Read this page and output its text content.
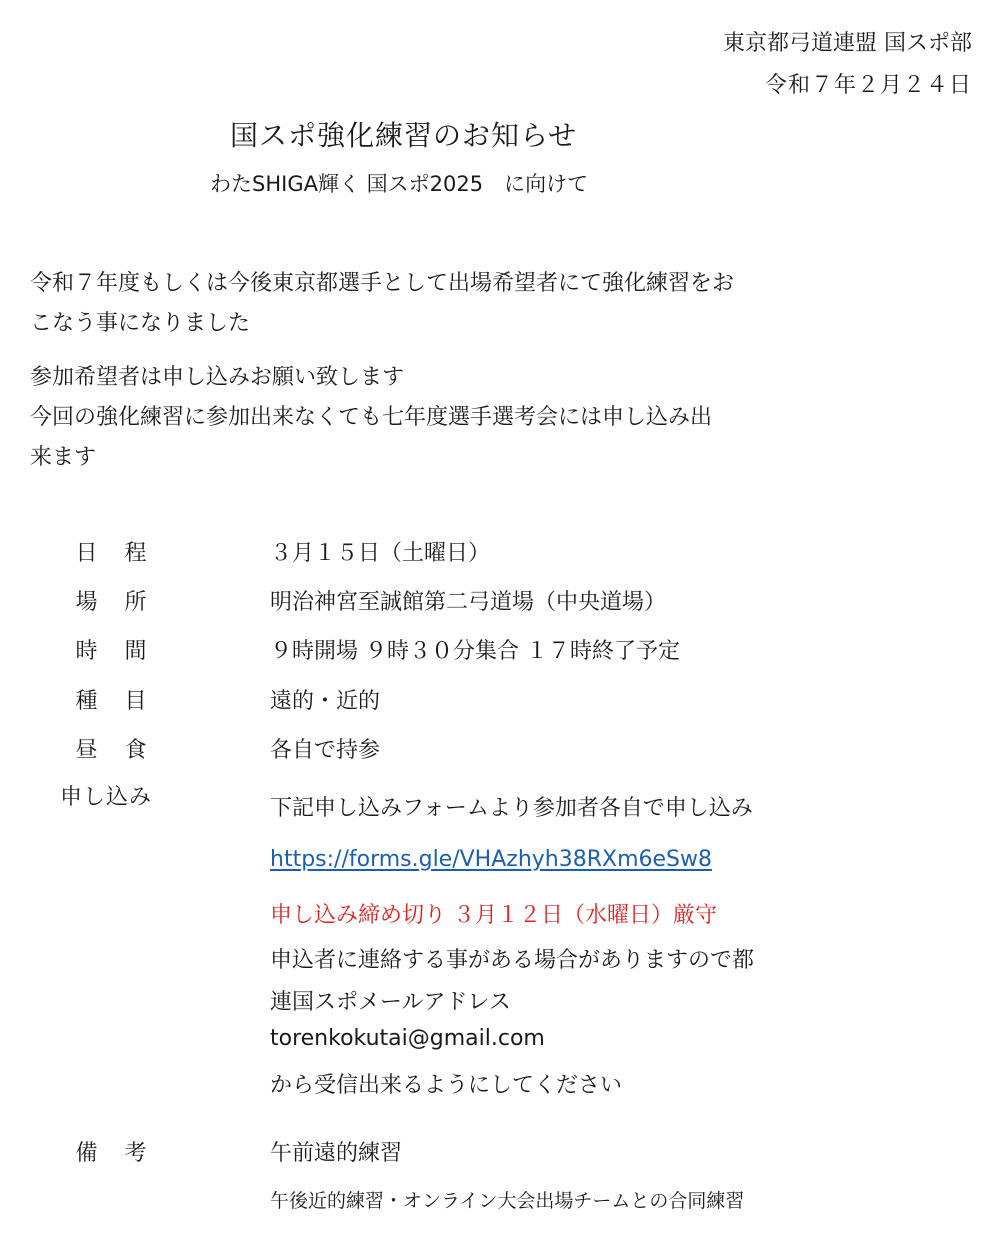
東京都弓道連盟 国スポ部
令和７年２月２４日
国スポ強化練習のお知らせ
わたSHIGA輝く 国スポ2025　に向けて
令和７年度もしくは今後東京都選手として出場希望者にて強化練習をお
こなう事になりました
参加希望者は申し込みお願い致します
今回の強化練習に参加出来なくても七年度選手選考会には申し込み出
来ます
日 程	３月１５日（土曜日）
場 所	明治神宮至誠館第二弓道場（中央道場）
時 間	９時開場 ９時３０分集合 １７時終了予定
種 目	遠的・近的
昼 食	各自で持参
申し込み	下記申し込みフォームより参加者各自で申し込み
https://forms.gle/VHAzhyh38RXm6eSw8
申し込み締め切り ３月１２日（水曜日）厳守
申込者に連絡する事がある場合がありますので都
連国スポメールアドレス
torenkokutai@gmail.com
から受信出来るようにしてください
備 考	午前遠的練習
午後近的練習・オンライン大会出場チームとの合同練習
